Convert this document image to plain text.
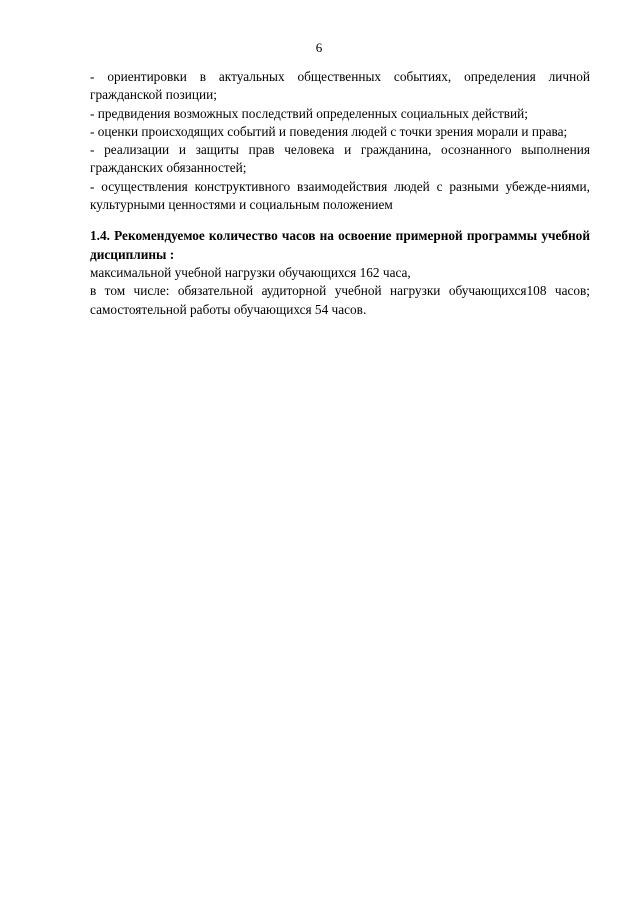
6

- ориентировки в актуальных общественных событиях, определения личной гражданской позиции;

- предвидения возможных последствий определенных социальных действий;

- оценки происходящих событий и поведения людей с точки зрения морали и права;

- реализации и защиты прав человека и гражданина, осознанного выполнения гражданских обязанностей;

- осуществления конструктивного взаимодействия людей с разными убежде-ниями, культурными ценностями и социальным положением

1.4. Рекомендуемое количество часов на освоение примерной программы учебной дисциплины :

максимальной учебной нагрузки обучающихся 162 часа,

в том числе: обязательной аудиторной учебной нагрузки обучающихся108 часов; самостоятельной работы обучающихся 54 часов.
